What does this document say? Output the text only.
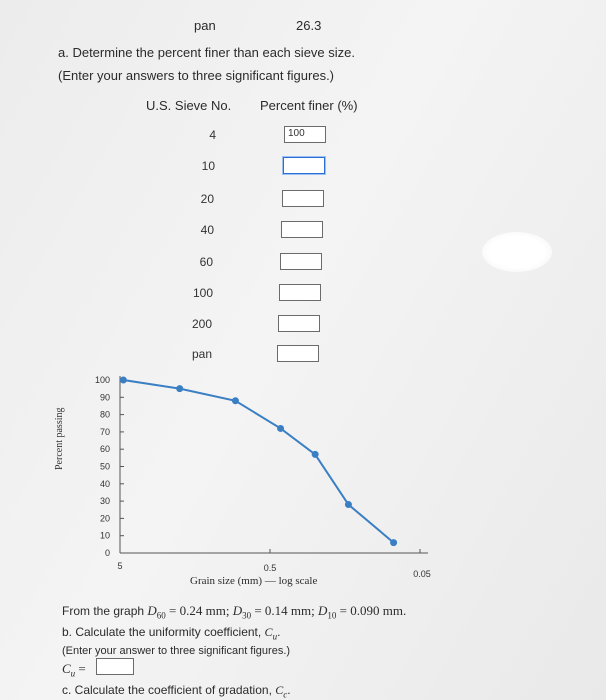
pan	26.3
a. Determine the percent finer than each sieve size.
(Enter your answers to three significant figures.)
U.S. Sieve No. Percent finer (%)
4	100
10
20
40
60
100
200
pan
Percent passing
0
10
20
30
40
50
60
70
80
90
100
5	0.5
0.05
Grain size (mm) — log scale
From the graph $D_{60} = 0.24$ mm; $D_{30} = 0.14$ mm; $D_{10} = 0.090$ mm.
b. Calculate the uniformity coefficient, $C_u$.
(Enter your answer to three significant figures.)
$C_u$ =
c. Calculate the coefficient of gradation, $C_c$.
